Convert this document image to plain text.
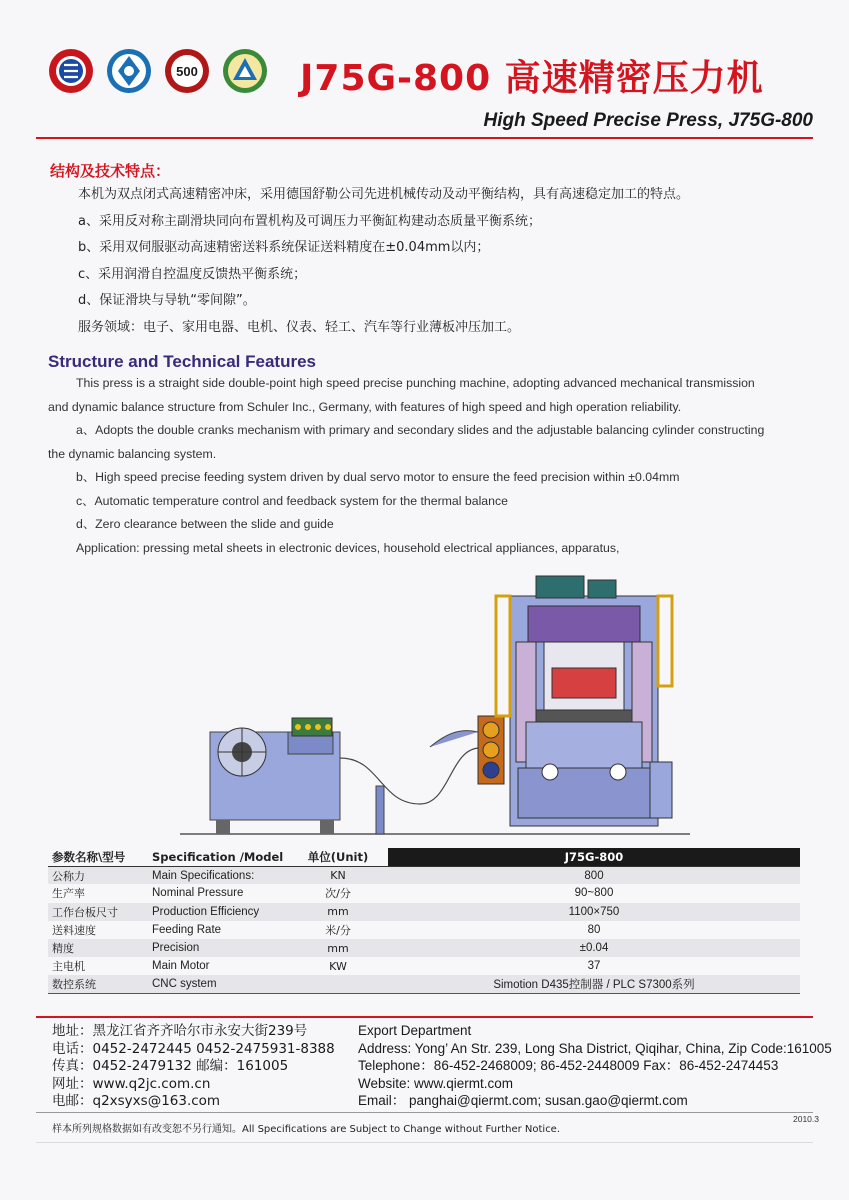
500	J75G-800 高速精密压力机
High Speed Precise Press, J75G-800
结构及技术特点：
本机为双点闭式高速精密冲床，采用德国舒勒公司先进机械传动及动平衡结构，具有高速稳定加工的特点。
a、采用反对称主副滑块同向布置机构及可调压力平衡缸构建动态质量平衡系统；
b、采用双伺服驱动高速精密送料系统保证送料精度在±0.04mm以内；
c、采用润滑自控温度反馈热平衡系统；
d、保证滑块与导轨“零间隙”。
服务领域：电子、家用电器、电机、仪表、轻工、汽车等行业薄板冲压加工。
Structure and Technical Features
This press is a straight side double-point high speed precise punching machine, adopting advanced mechanical transmission
and dynamic balance structure from Schuler Inc., Germany, with features of high speed and high operation reliability.
a、Adopts the double cranks mechanism with primary and secondary slides and the adjustable balancing cylinder constructing
the dynamic balancing system.
b、High speed precise feeding system driven by dual servo motor to ensure the feed precision within ±0.04mm
c、Automatic temperature control and feedback system for the thermal balance
d、Zero clearance between the slide and guide
Application: pressing metal sheets in electronic devices, household electrical appliances, apparatus,
参数名称\型号	Specification /Model	单位(Unit)	J75G-800
公称力	Main Specifications:	KN	800
生产率	Nominal Pressure	次/分	90~800
工作台板尺寸	Production Efficiency	mm	1100×750
送料速度	Feeding Rate	米/分	80
精度	Precision	mm	±0.04
主电机	Main Motor	KW	37
数控系统	CNC system		Simotion D435控制器 / PLC S7300系列
地址：黑龙江省齐齐哈尔市永安大街239号
电话：0452-2472445 0452-2475931-8388
传真：0452-2479132 邮编：161005
网址：www.q2jc.com.cn
电邮：q2xsyxs@163.com
Export Department
Address: Yong’ An Str. 239, Long Sha District, Qiqihar, China, Zip Code:161005
Telephone：86-452-2468009; 86-452-2448009 Fax：86-452-2474453
Website: www.qiermt.com
Email： panghai@qiermt.com; susan.gao@qiermt.com
样本所列规格数据如有改变恕不另行通知。All Specifications are Subject to Change without Further Notice.
2010.3
